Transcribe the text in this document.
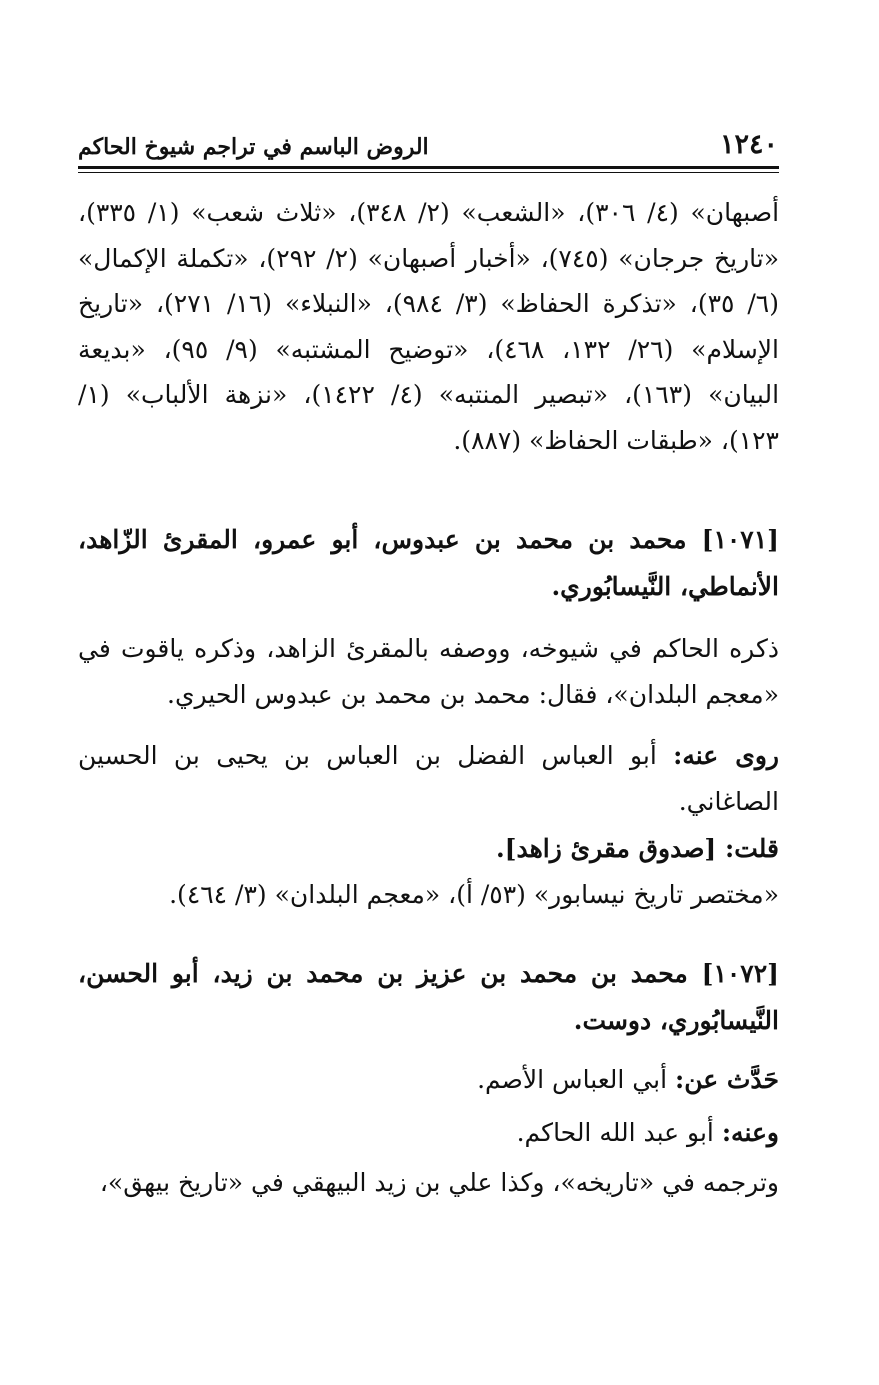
١٢٤٠
الروض الباسم في تراجم شيوخ الحاكم
أصبهان» (٤/ ٣٠٦)، «الشعب» (٢/ ٣٤٨)، «ثلاث شعب» (١/ ٣٣٥)، «تاريخ جرجان» (٧٤٥)، «أخبار أصبهان» (٢/ ٢٩٢)، «تكملة الإكمال» (٦/ ٣٥)، «تذكرة الحفاظ» (٣/ ٩٨٤)، «النبلاء» (١٦/ ٢٧١)، «تاريخ الإسلام» (٢٦/ ١٣٢، ٤٦٨)، «توضيح المشتبه» (٩/ ٩٥)، «بديعة البيان» (١٦٣)، «تبصير المنتبه» (٤/ ١٤٢٢)، «نزهة الألباب» (١/ ١٢٣)، «طبقات الحفاظ» (٨٨٧).
[١٠٧١] محمد بن محمد بن عبدوس، أبو عمرو، المقرئ الزّاهد، الأنماطي، النَّيسابُوري.
ذكره الحاكم في شيوخه، ووصفه بالمقرئ الزاهد، وذكره ياقوت في «معجم البلدان»، فقال: محمد بن محمد بن عبدوس الحيري.
روى عنه: أبو العباس الفضل بن العباس بن يحيى بن الحسين الصاغاني.
قلت: [صدوق مقرئ زاهد].
«مختصر تاريخ نيسابور» (٥٣/ أ)، «معجم البلدان» (٣/ ٤٦٤).
[١٠٧٢] محمد بن محمد بن عزيز بن محمد بن زيد، أبو الحسن، النَّيسابُوري، دوست.
حَدَّث عن: أبي العباس الأصم.
وعنه: أبو عبد الله الحاكم.
وترجمه في «تاريخه»، وكذا علي بن زيد البيهقي في «تاريخ بيهق»،
